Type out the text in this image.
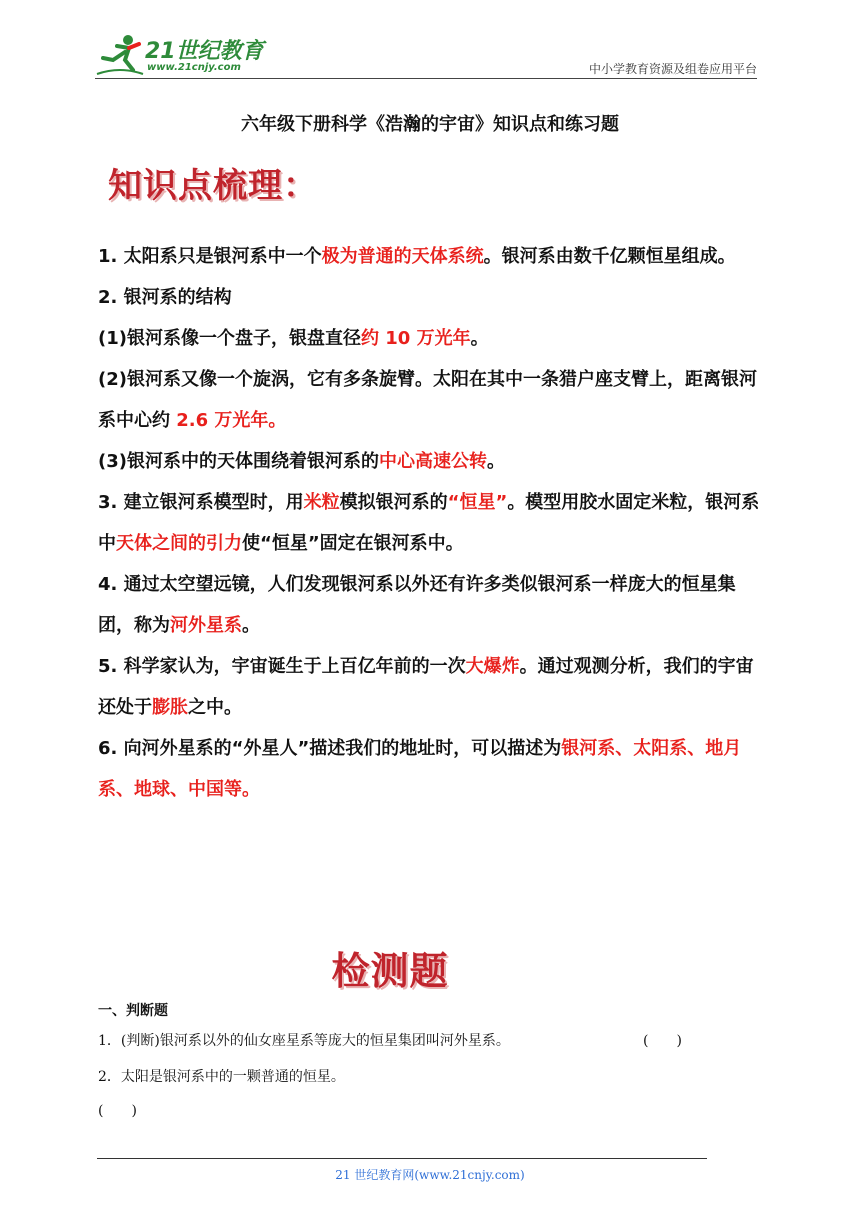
21世纪教育
www.21cnjy.com	中小学教育资源及组卷应用平台
六年级下册科学《浩瀚的宇宙》知识点和练习题
知识点梳理：

1. 太阳系只是银河系中一个极为普通的天体系统。银河系由数千亿颗恒星组成。

2. 银河系的结构

(1)银河系像一个盘子，银盘直径约 10 万光年。

(2)银河系又像一个旋涡，它有多条旋臂。太阳在其中一条猎户座支臂上，距离银河系中心约 2.6 万光年。

(3)银河系中的天体围绕着银河系的中心高速公转。

3. 建立银河系模型时，用米粒模拟银河系的“恒星”。模型用胶水固定米粒，银河系中天体之间的引力使“恒星”固定在银河系中。

4. 通过太空望远镜，人们发现银河系以外还有许多类似银河系一样庞大的恒星集团，称为河外星系。

5. 科学家认为，宇宙诞生于上百亿年前的一次大爆炸。通过观测分析，我们的宇宙还处于膨胀之中。

6. 向河外星系的“外星人”描述我们的地址时，可以描述为银河系、太阳系、地月系、地球、中国等。

检测题
一、判断题
1．(判断)银河系以外的仙女座星系等庞大的恒星集团叫河外星系。	(　　)
2．太阳是银河系中的一颗普通的恒星。
(　　)
21 世纪教育网(www.21cnjy.com)
